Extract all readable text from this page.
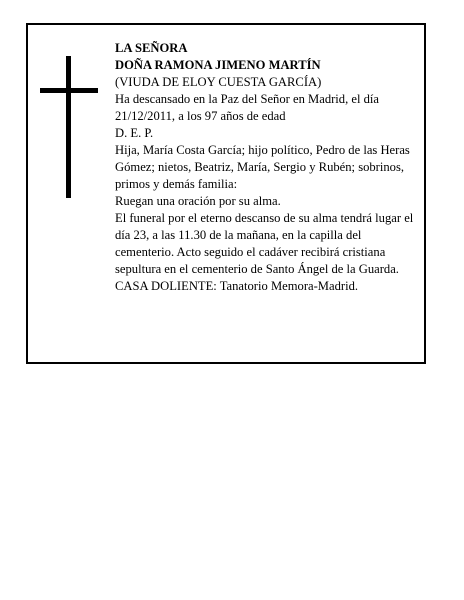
LA SEÑORA

DOÑA RAMONA JIMENO MARTÍN

(VIUDA DE ELOY CUESTA GARCÍA)

Ha descansado en la Paz del Señor en Madrid, el día 21/12/2011, a los 97 años de edad

D. E. P.

Hija, María Costa García; hijo político, Pedro de las Heras Gómez; nietos, Beatriz, María, Sergio y Rubén; sobrinos, primos y demás familia:

Ruegan una oración por su alma.

El funeral por el eterno descanso de su alma tendrá lugar el día 23, a las 11.30 de la mañana, en la capilla del cementerio. Acto seguido el cadáver recibirá cristiana sepultura en el cementerio de Santo Ángel de la Guarda.

CASA DOLIENTE: Tanatorio Memora-Madrid.
